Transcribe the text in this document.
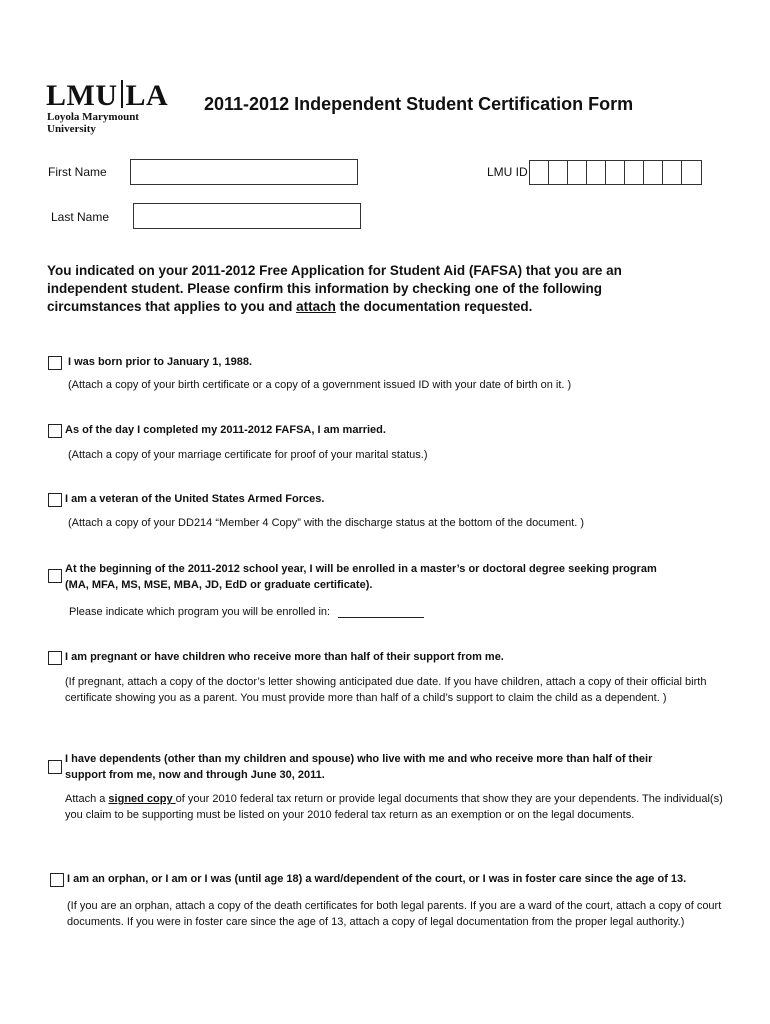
LMU LA
Loyola Marymount
University
2011-2012 Independent Student Certification Form
First Name
Last Name
LMU ID
You indicated on your 2011-2012 Free Application for Student Aid (FAFSA) that you are an independent student. Please confirm this information by checking one of the following circumstances that applies to you and attach the documentation requested.
I was born prior to January 1, 1988.
(Attach a copy of your birth certificate or a copy of a government issued ID with your date of birth on it. )
As of the day I completed my 2011-2012 FAFSA, I am married.
(Attach a copy of your marriage certificate for proof of your marital status.)
I am a veteran of the United States Armed Forces.
(Attach a copy of your DD214 “Member 4 Copy” with the discharge status at the bottom of the document. )
At the beginning of the 2011-2012 school year, I will be enrolled in a master’s or doctoral degree seeking program
(MA, MFA, MS, MSE, MBA, JD, EdD or graduate certificate).
Please indicate which program you will be enrolled in:
I am pregnant or have children who receive more than half of their support from me.
(If pregnant, attach a copy of the doctor’s letter showing anticipated due date. If you have children, attach a copy of their official birth certificate showing you as a parent. You must provide more than half of a child’s support to claim the child as a dependent. )
I have dependents (other than my children and spouse) who live with me and who receive more than half of their
support from me, now and through June 30, 2011.
Attach a signed copy of your 2010 federal tax return or provide legal documents that show they are your dependents. The individual(s) you claim to be supporting must be listed on your 2010 federal tax return as an exemption or on the legal documents.
I am an orphan, or I am or I was (until age 18) a ward/dependent of the court, or I was in foster care since the age of 13.
(If you are an orphan, attach a copy of the death certificates for both legal parents. If you are a ward of the court, attach a copy of court documents. If you were in foster care since the age of 13, attach a copy of legal documentation from the proper legal authority.)
